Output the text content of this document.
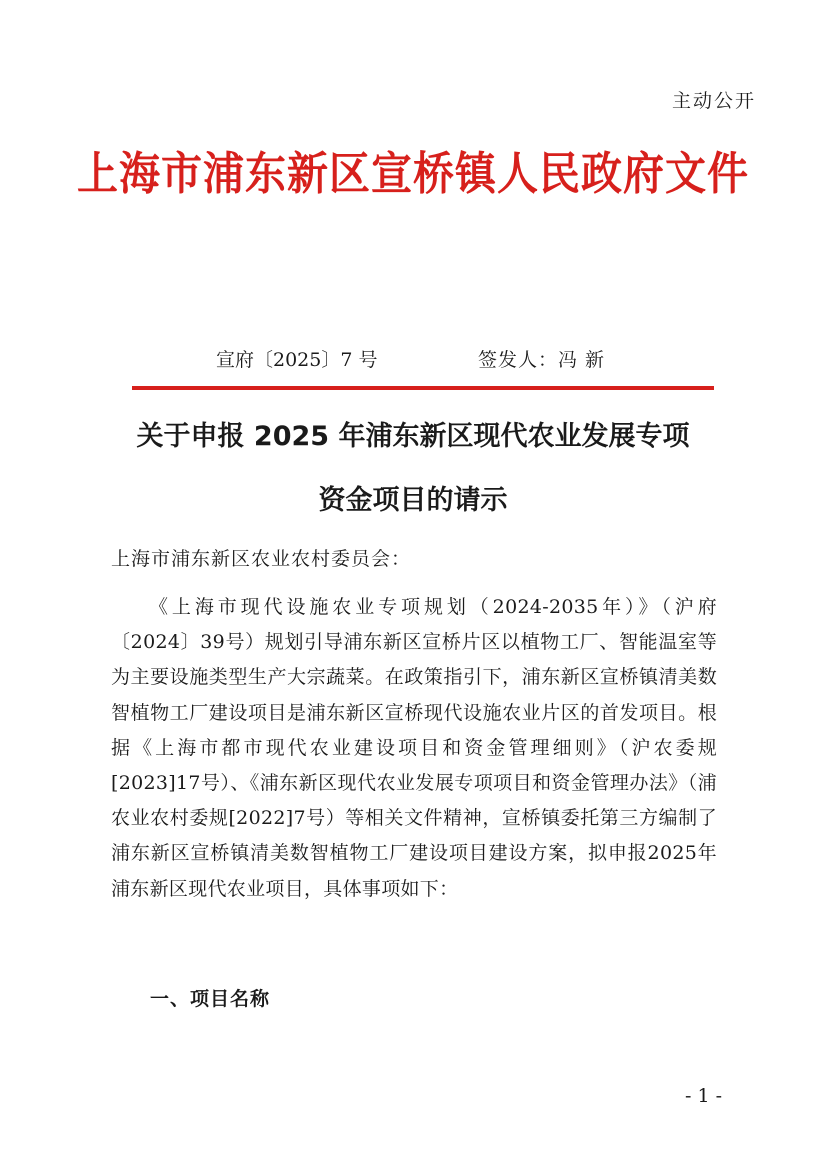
主动公开
上海市浦东新区宣桥镇人民政府文件
宣府〔2025〕7 号	签发人：冯 新
关于申报 2025 年浦东新区现代农业发展专项
资金项目的请示
上海市浦东新区农业农村委员会：
《上海市现代设施农业专项规划（2024-2035年）》（沪府〔2024〕39号）规划引导浦东新区宣桥片区以植物工厂、智能温室等为主要设施类型生产大宗蔬菜。在政策指引下，浦东新区宣桥镇清美数智植物工厂建设项目是浦东新区宣桥现代设施农业片区的首发项目。根据《上海市都市现代农业建设项目和资金管理细则》（沪农委规[2023]17号）、《浦东新区现代农业发展专项项目和资金管理办法》（浦农业农村委规[2022]7号）等相关文件精神，宣桥镇委托第三方编制了浦东新区宣桥镇清美数智植物工厂建设项目建设方案，拟申报2025年浦东新区现代农业项目，具体事项如下：
一、项目名称
- 1 -
